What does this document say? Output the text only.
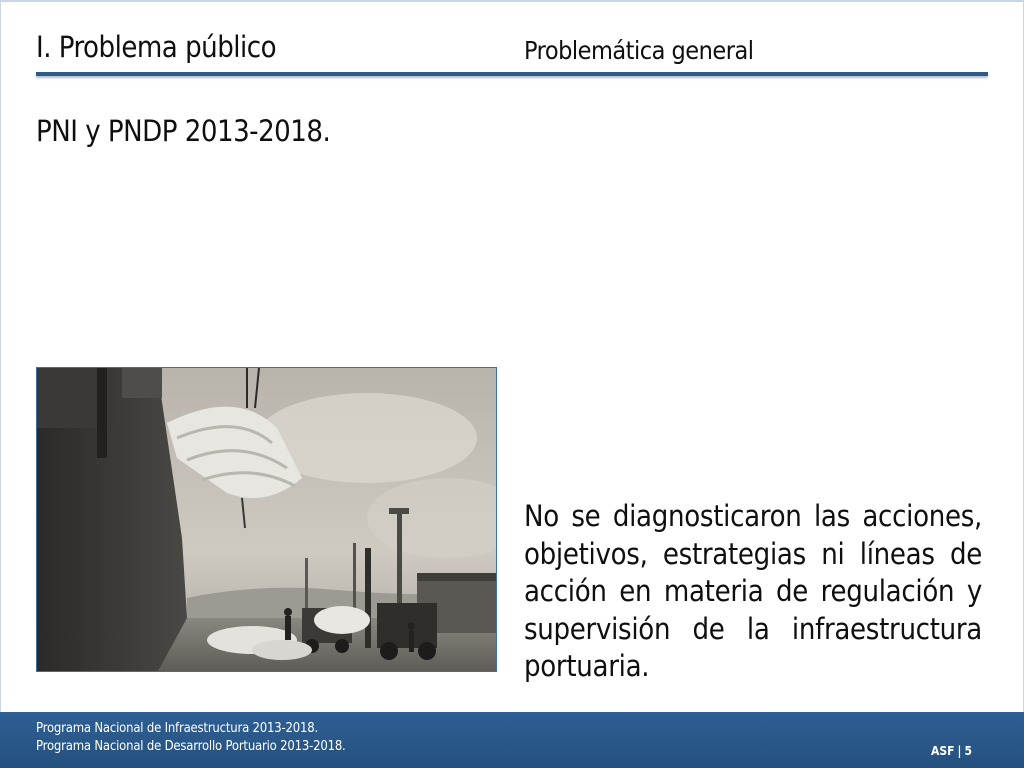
I. Problema público	Problemática general
PNI y PNDP 2013-2018.
No se diagnosticaron las acciones, objetivos, estrategias ni líneas de acción en materia de regulación y supervisión de la infraestructura portuaria.
Programa Nacional de Infraestructura 2013-2018.
Programa Nacional de Desarrollo Portuario 2013-2018.	ASF | 5
